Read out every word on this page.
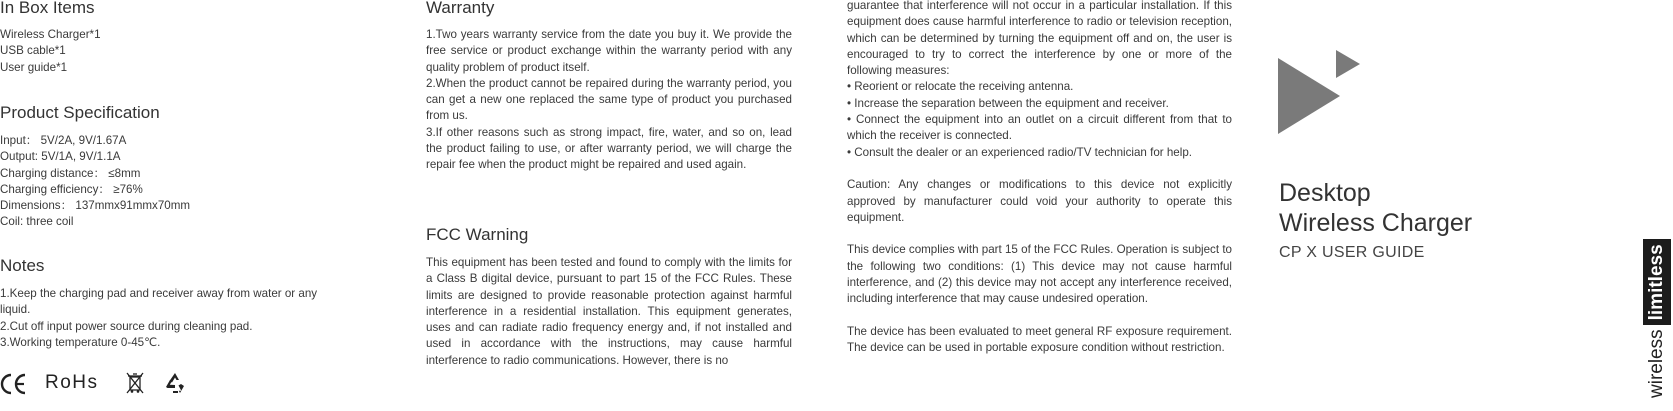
In Box Items
Wireless Charger*1
USB cable*1
User guide*1
Product Specification
Input： 5V/2A, 9V/1.67A
Output: 5V/1A, 9V/1.1A
Charging distance： ≤8mm
Charging efficiency： ≥76%
Dimensions： 137mmx91mmx70mm
Coil: three coil
Notes

1.Keep the charging pad and receiver away from water or any liquid.

2.Cut off input power source during cleaning pad.

3.Working temperature 0-45℃.

RoHs
Warranty

1.Two years warranty service from the date you buy it. We provide the free service or product exchange within the warranty period with any quality problem of product itself.

2.When the product cannot be repaired during the warranty period, you can get a new one replaced the same type of product you purchased from us.

3.If other reasons such as strong impact, fire, water, and so on, lead the product failing to use, or after warranty period, we will charge the repair fee when the product might be repaired and used again.

FCC Warning

This equipment has been tested and found to comply with the limits for a Class B digital device, pursuant to part 15 of the FCC Rules. These limits are designed to provide reasonable protection against harmful interference in a residential installation. This equipment generates, uses and can radiate radio frequency energy and, if not installed and used in accordance with the instructions, may cause harmful interference to radio communications. However, there is no

guarantee that interference will not occur in a particular installation. If this equipment does cause harmful interference to radio or television reception, which can be determined by turning the equipment off and on, the user is encouraged to try to correct the interference by one or more of the following measures:

• Reorient or relocate the receiving antenna.

• Increase the separation between the equipment and receiver.

• Connect the equipment into an outlet on a circuit different from that to which the receiver is connected.

• Consult the dealer or an experienced radio/TV technician for help.

Caution: Any changes or modifications to this device not explicitly approved by manufacturer could void your authority to operate this equipment.

This device complies with part 15 of the FCC Rules. Operation is subject to the following two conditions: (1) This device may not cause harmful interference, and (2) this device may not accept any interference received, including interference that may cause undesired operation.

The device has been evaluated to meet general RF exposure requirement. The device can be used in portable exposure condition without restriction.

Desktop
Wireless Charger
CP X USER GUIDE
wireless
limitless
